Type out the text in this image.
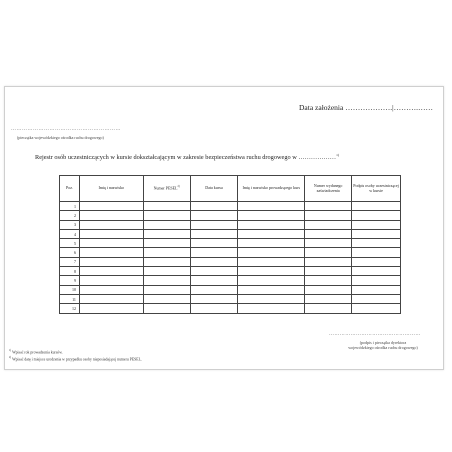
Data założenia ……………….|……….……
……………………………………………………
(pieczątka wojewódzkiego ośrodka ruchu drogowego)
Rejestr osób uczestniczących w kursie dokształcającym w zakresie bezpieczeństwa ruchu drogowego w ………………$^{1)}$
Poz.	Imię i nazwisko	Numer PESEL$^{2)}$	Data kursu	Imię i nazwisko prowadzącego kurs	Numer wydanego zaświadczenia	Podpis osoby uczestniczącej w kursie
1						
2						
3						
4						
5						
6						
7						
8						
9						
10						
11						
12						
……………………………………………
(podpis i pieczątka dyrektora
wojewódzkiego ośrodka ruchu drogowego)
$^{1)}$ Wpisać rok prowadzenia kursów.
$^{2)}$ Wpisać datę i miejsce urodzenia w przypadku osoby nieposiadającej numeru PESEL.
